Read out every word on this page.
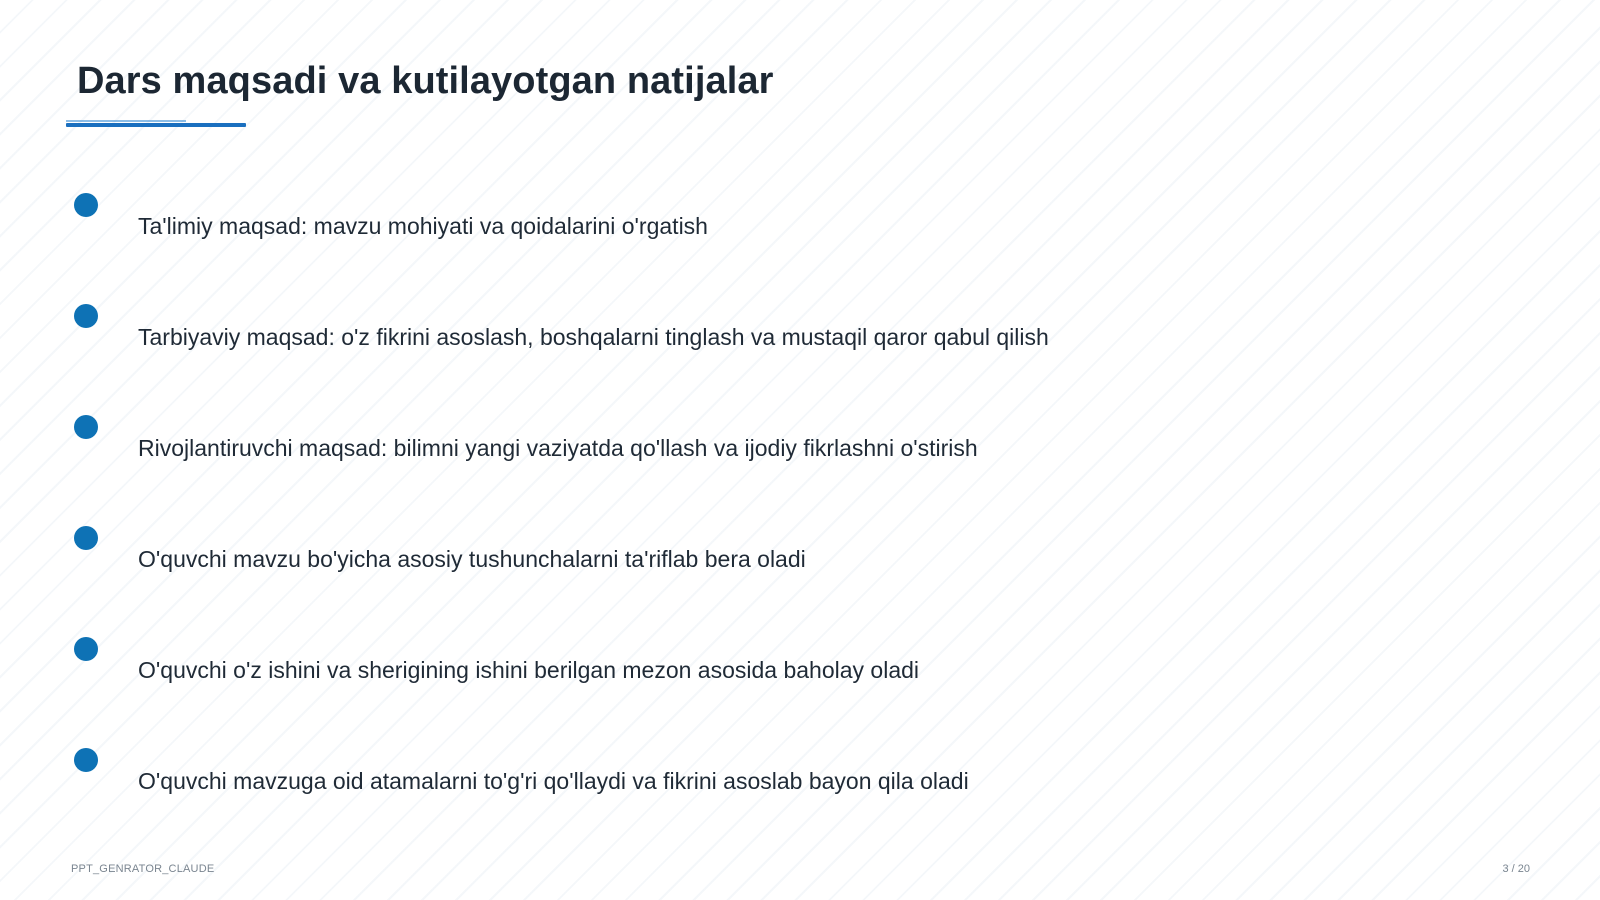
Dars maqsadi va kutilayotgan natijalar
Ta'limiy maqsad: mavzu mohiyati va qoidalarini o'rgatish
Tarbiyaviy maqsad: o'z fikrini asoslash, boshqalarni tinglash va mustaqil qaror qabul qilish
Rivojlantiruvchi maqsad: bilimni yangi vaziyatda qo'llash va ijodiy fikrlashni o'stirish
O'quvchi mavzu bo'yicha asosiy tushunchalarni ta'riflab bera oladi
O'quvchi o'z ishini va sherigining ishini berilgan mezon asosida baholay oladi
O'quvchi mavzuga oid atamalarni to'g'ri qo'llaydi va fikrini asoslab bayon qila oladi
PPT_GENRATOR_CLAUDE	3 / 20
